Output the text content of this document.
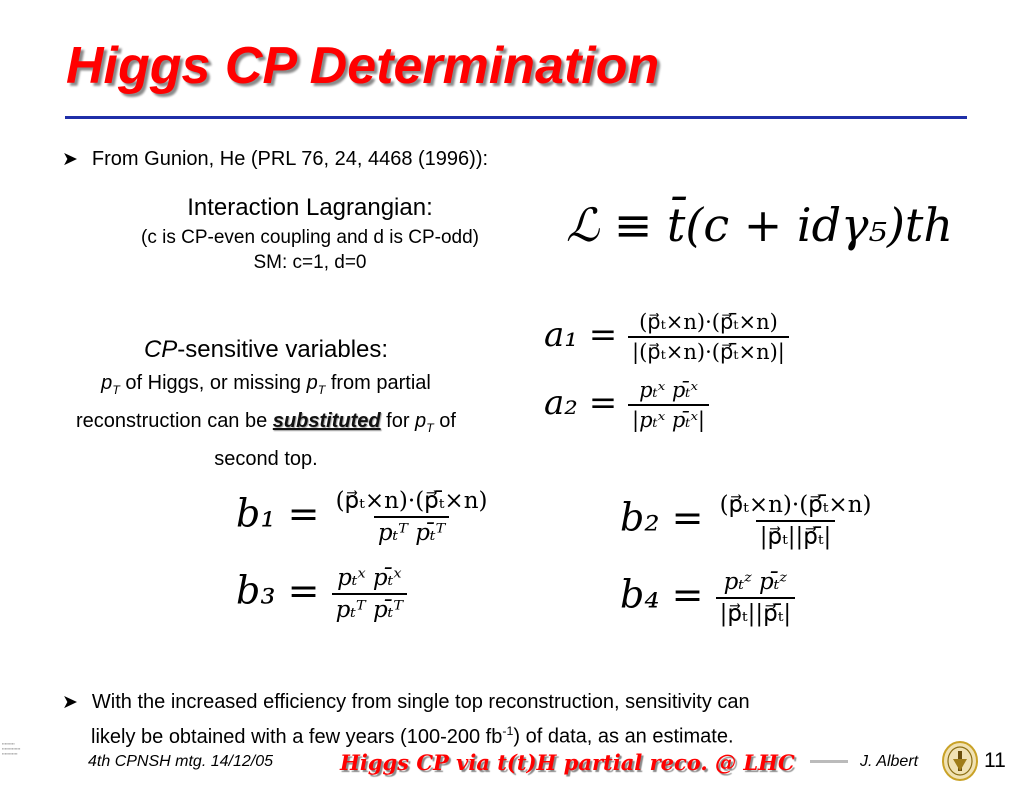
Higgs CP Determination
➤ From Gunion, He (PRL 76, 24, 4468 (1996)):
Interaction Lagrangian:
(c is CP-even coupling and d is CP-odd)
SM: c=1, d=0
ℒ ≡ t̄(c + idγ₅)th
CP-sensitive variables:
$p_T$ of Higgs, or missing $p_T$ from partial
reconstruction can be substituted for $p_T$ of
second top.
$a_1 = \frac{\text{(p⃗ₜ×n)·(p⃗ₜ̄×n)}}{\text{|(p⃗ₜ×n)·(p⃗ₜ̄×n)|}}$
$a_2 = \frac{\text{pₜˣ pₜ̄ˣ}}{\text{|pₜˣ pₜ̄ˣ|}}$
$b_1 = \frac{\text{(p⃗ₜ×n)·(p⃗ₜ̄×n)}}{\text{pₜᵀ pₜ̄ᵀ}}$	$b_2 = \frac{\text{(p⃗ₜ×n)·(p⃗ₜ̄×n)}}{\text{|p⃗ₜ||p⃗ₜ̄|}}$
$b_3 = \frac{\text{pₜˣ pₜ̄ˣ}}{\text{pₜᵀ pₜ̄ᵀ}}$	$b_4 = \frac{\text{pₜᶻ pₜ̄ᶻ}}{\text{|p⃗ₜ||p⃗ₜ̄|}}$
➤ With the increased efficiency from single top reconstruction, sensitivity can
likely be obtained with a few years (100-200 $fb^{-1}$) of data, as an estimate.
▪▪▪▪▪▪▪▪▪
▪▪▪▪▪▪▪▪▪▪▪▪▪
▪▪▪▪▪▪▪▪▪▪▪	4th CPNSH mtg. 14/12/05	Higgs CP via t(t)H partial reco. @ LHC	J. Albert	11
